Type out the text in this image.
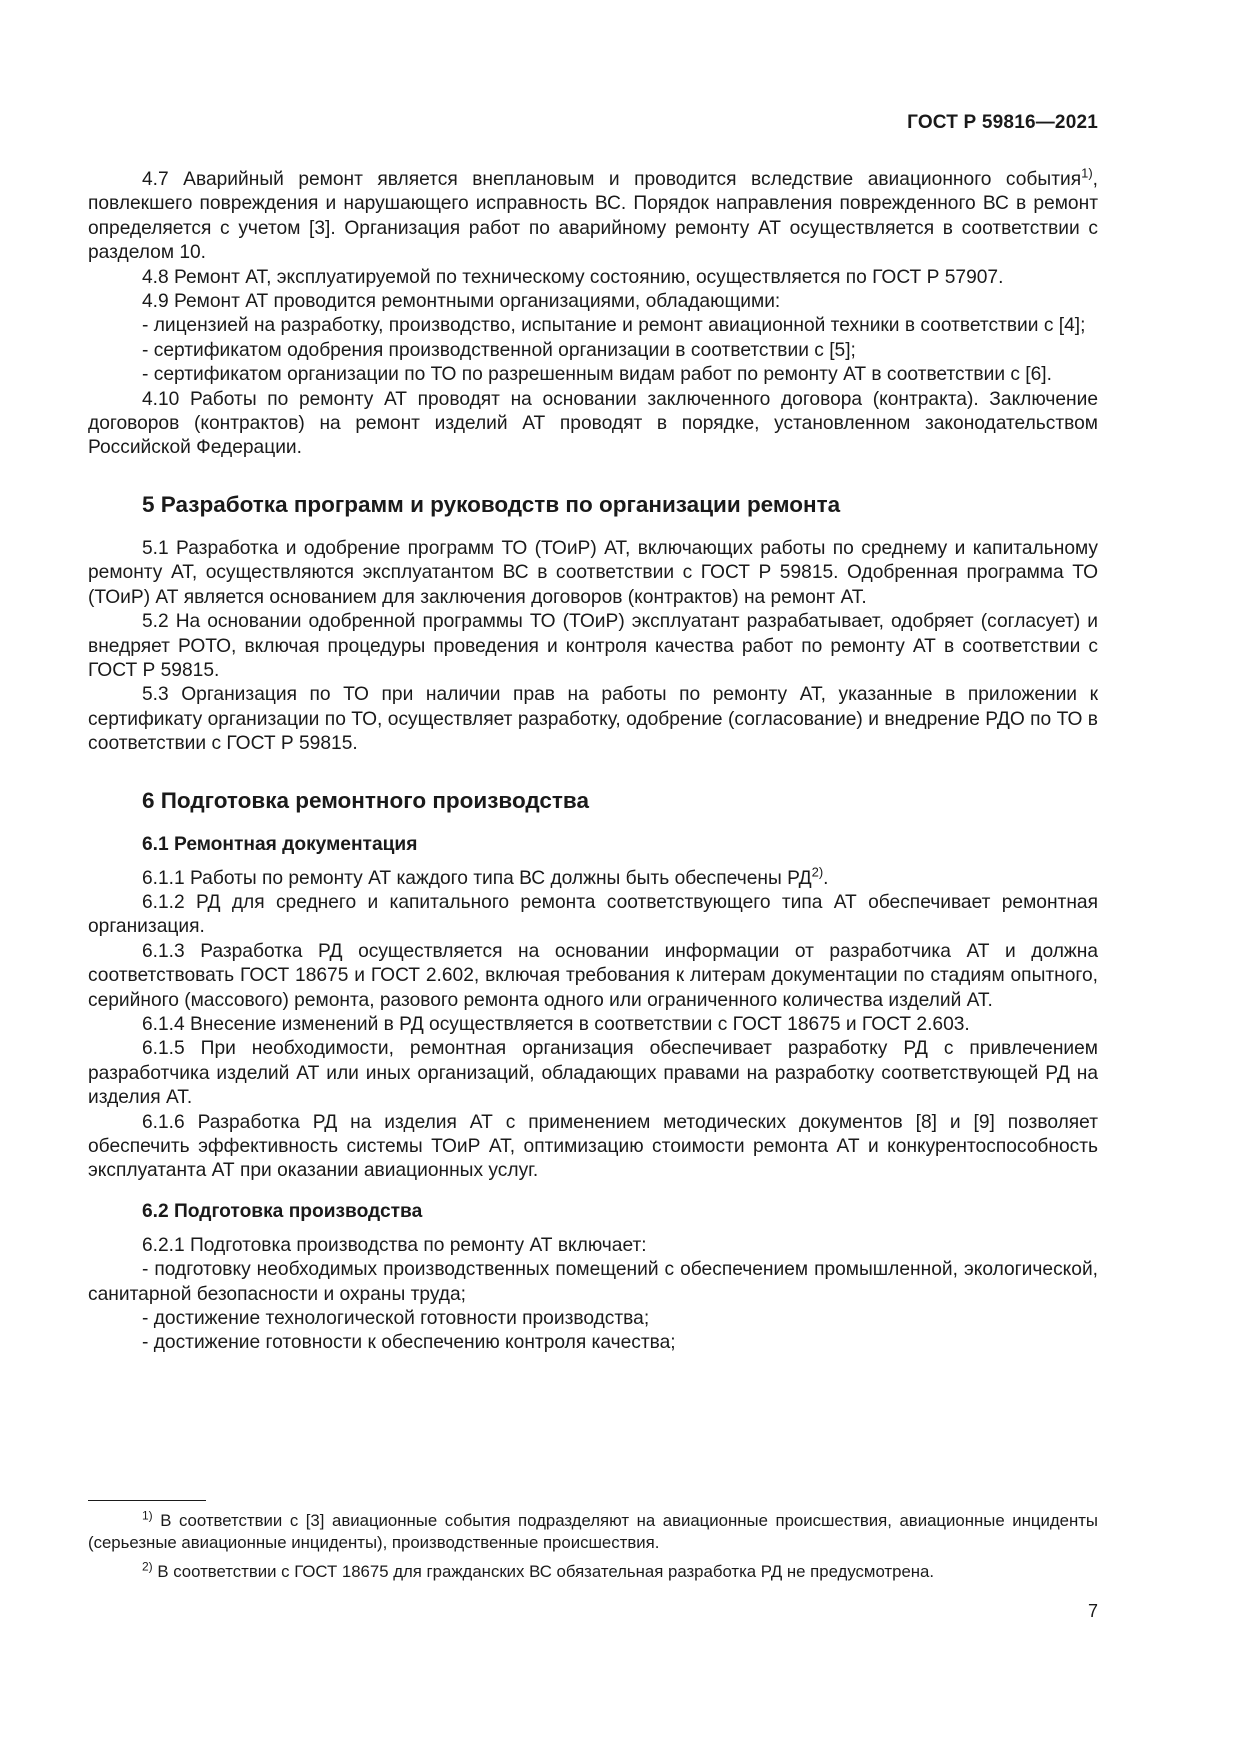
ГОСТ Р 59816—2021

4.7 Аварийный ремонт является внеплановым и проводится вследствие авиационного события$^{1)}$, повлекшего повреждения и нарушающего исправность ВС. Порядок направления поврежденного ВС в ремонт определяется с учетом [3]. Организация работ по аварийному ремонту АТ осуществляется в соответствии с разделом 10.

4.8 Ремонт АТ, эксплуатируемой по техническому состоянию, осуществляется по ГОСТ Р 57907.

4.9 Ремонт АТ проводится ремонтными организациями, обладающими:

- лицензией на разработку, производство, испытание и ремонт авиационной техники в соответствии с [4];

- сертификатом одобрения производственной организации в соответствии с [5];

- сертификатом организации по ТО по разрешенным видам работ по ремонту АТ в соответствии с [6].

4.10 Работы по ремонту АТ проводят на основании заключенного договора (контракта). Заключение договоров (контрактов) на ремонт изделий АТ проводят в порядке, установленном законодательством Российской Федерации.

5 Разработка программ и руководств по организации ремонта

5.1 Разработка и одобрение программ ТО (ТОиР) АТ, включающих работы по среднему и капитальному ремонту АТ, осуществляются эксплуатантом ВС в соответствии с ГОСТ Р 59815. Одобренная программа ТО (ТОиР) АТ является основанием для заключения договоров (контрактов) на ремонт АТ.

5.2 На основании одобренной программы ТО (ТОиР) эксплуатант разрабатывает, одобряет (согласует) и внедряет РОТО, включая процедуры проведения и контроля качества работ по ремонту АТ в соответствии с ГОСТ Р 59815.

5.3 Организация по ТО при наличии прав на работы по ремонту АТ, указанные в приложении к сертификату организации по ТО, осуществляет разработку, одобрение (согласование) и внедрение РДО по ТО в соответствии с ГОСТ Р 59815.

6 Подготовка ремонтного производства
6.1 Ремонтная документация

6.1.1 Работы по ремонту АТ каждого типа ВС должны быть обеспечены РД$^{2)}$.

6.1.2 РД для среднего и капитального ремонта соответствующего типа АТ обеспечивает ремонтная организация.

6.1.3 Разработка РД осуществляется на основании информации от разработчика АТ и должна соответствовать ГОСТ 18675 и ГОСТ 2.602, включая требования к литерам документации по стадиям опытного, серийного (массового) ремонта, разового ремонта одного или ограниченного количества изделий АТ.

6.1.4 Внесение изменений в РД осуществляется в соответствии с ГОСТ 18675 и ГОСТ 2.603.

6.1.5 При необходимости, ремонтная организация обеспечивает разработку РД с привлечением разработчика изделий АТ или иных организаций, обладающих правами на разработку соответствующей РД на изделия АТ.

6.1.6 Разработка РД на изделия АТ с применением методических документов [8] и [9] позволяет обеспечить эффективность системы ТОиР АТ, оптимизацию стоимости ремонта АТ и конкурентоспособность эксплуатанта АТ при оказании авиационных услуг.

6.2 Подготовка производства

6.2.1 Подготовка производства по ремонту АТ включает:

- подготовку необходимых производственных помещений с обеспечением промышленной, экологической, санитарной безопасности и охраны труда;

- достижение технологической готовности производства;

- достижение готовности к обеспечению контроля качества;

$^{1)}$ В соответствии с [3] авиационные события подразделяют на авиационные происшествия, авиационные инциденты (серьезные авиационные инциденты), производственные происшествия.

$^{2)}$ В соответствии с ГОСТ 18675 для гражданских ВС обязательная разработка РД не предусмотрена.

7
